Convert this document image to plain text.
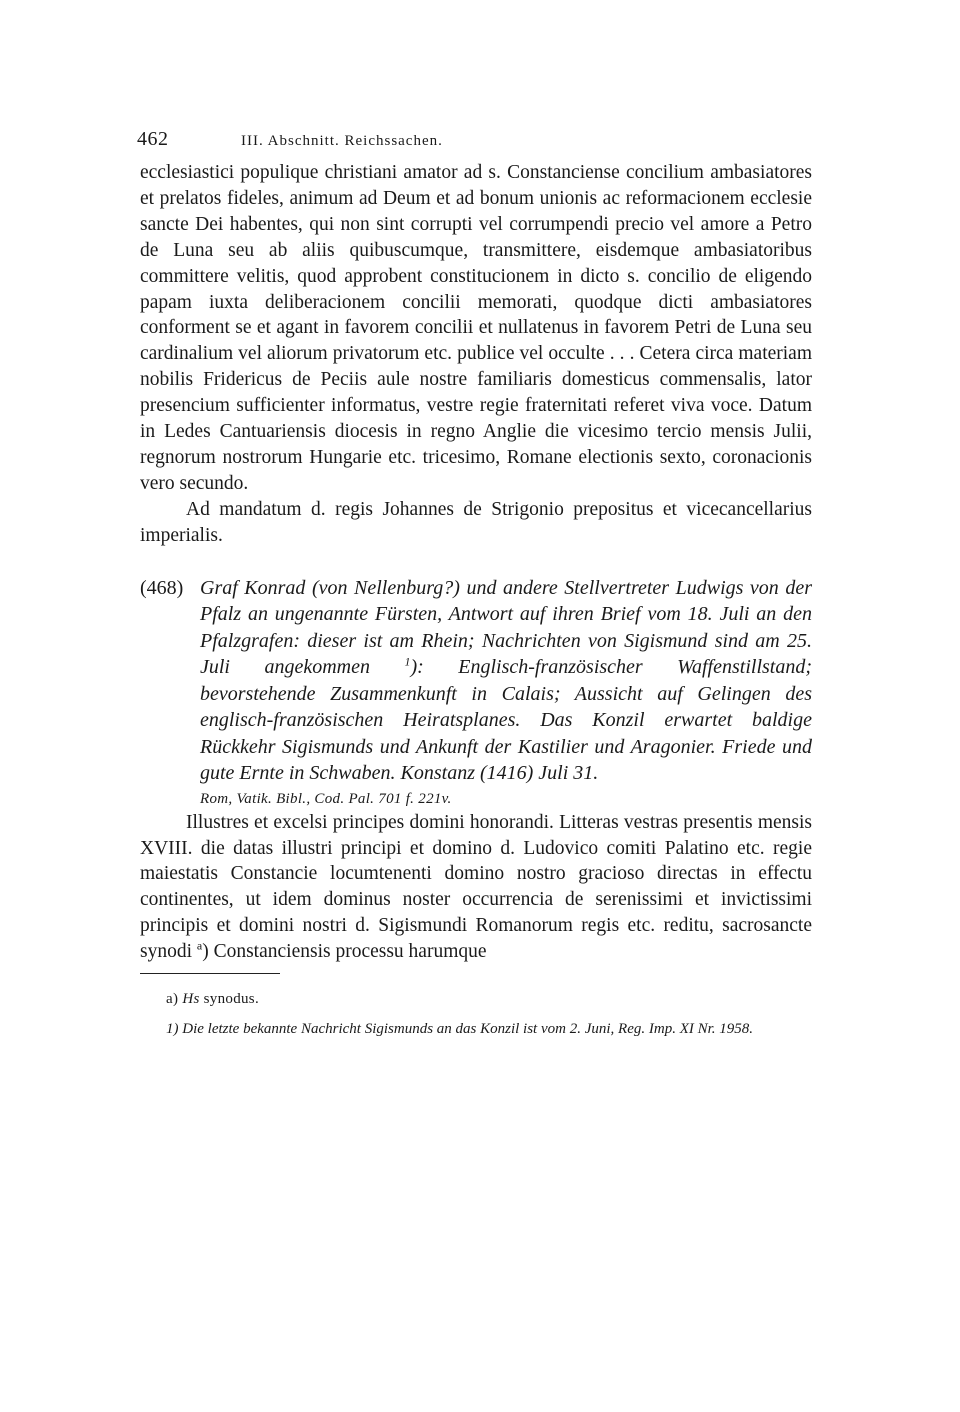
462	III. Abschnitt. Reichssachen.

ecclesiastici populique christiani amator ad s. Constanciense concilium ambasiatores et prelatos fideles, animum ad Deum et ad bonum unionis ac reformacionem ecclesie sancte Dei habentes, qui non sint corrupti vel corrumpendi precio vel amore a Petro de Luna seu ab aliis quibuscumque, transmittere, eisdemque ambasiatoribus committere velitis, quod approbent constitucionem in dicto s. concilio de eligendo papam iuxta deliberacionem concilii memorati, quodque dicti ambasiatores conforment se et agant in favorem concilii et nullatenus in favorem Petri de Luna seu cardinalium vel aliorum privatorum etc. publice vel occulte . . . Cetera circa materiam nobilis Fridericus de Peciis aule nostre familiaris domesticus commensalis, lator presencium sufficienter informatus, vestre regie fraternitati referet viva voce. Datum in Ledes Cantuariensis diocesis in regno Anglie die vicesimo tercio mensis Julii, regnorum nostrorum Hungarie etc. tricesimo, Romane electionis sexto, coronacionis vero secundo.

Ad mandatum d. regis Johannes de Strigonio prepositus et vicecancellarius imperialis.

(468) Graf Konrad (von Nellenburg?) und andere Stellvertreter Ludwigs von der Pfalz an ungenannte Fürsten, Antwort auf ihren Brief vom 18. Juli an den Pfalzgrafen: dieser ist am Rhein; Nachrichten von Sigismund sind am 25. Juli angekommen	$^1$): Englisch-französischer Waffenstillstand; bevorstehende Zusammenkunft in Calais; Aussicht auf Gelingen des englisch-französischen Heiratsplanes. Das Konzil erwartet baldige Rückkehr Sigismunds und Ankunft der Kastilier und Aragonier. Friede und gute Ernte in Schwaben. Konstanz (1416) Juli 31.
Rom, Vatik. Bibl., Cod. Pal. 701 f. 221v.

Illustres et excelsi principes domini honorandi. Litteras vestras presentis mensis XVIII. die datas illustri principi et domino d. Ludovico comiti Palatino etc. regie maiestatis Constancie locumtenenti domino nostro gracioso directas in effectu continentes, ut idem dominus noster occurrencia de serenissimi et invictissimi principis et domini nostri d. Sigismundi Romanorum regis etc. reditu, sacrosancte synodi $^a$) Constanciensis processu harumque

a) Hs synodus.

1) Die letzte bekannte Nachricht Sigismunds an das Konzil ist vom 2. Juni, Reg. Imp. XI Nr. 1958.
